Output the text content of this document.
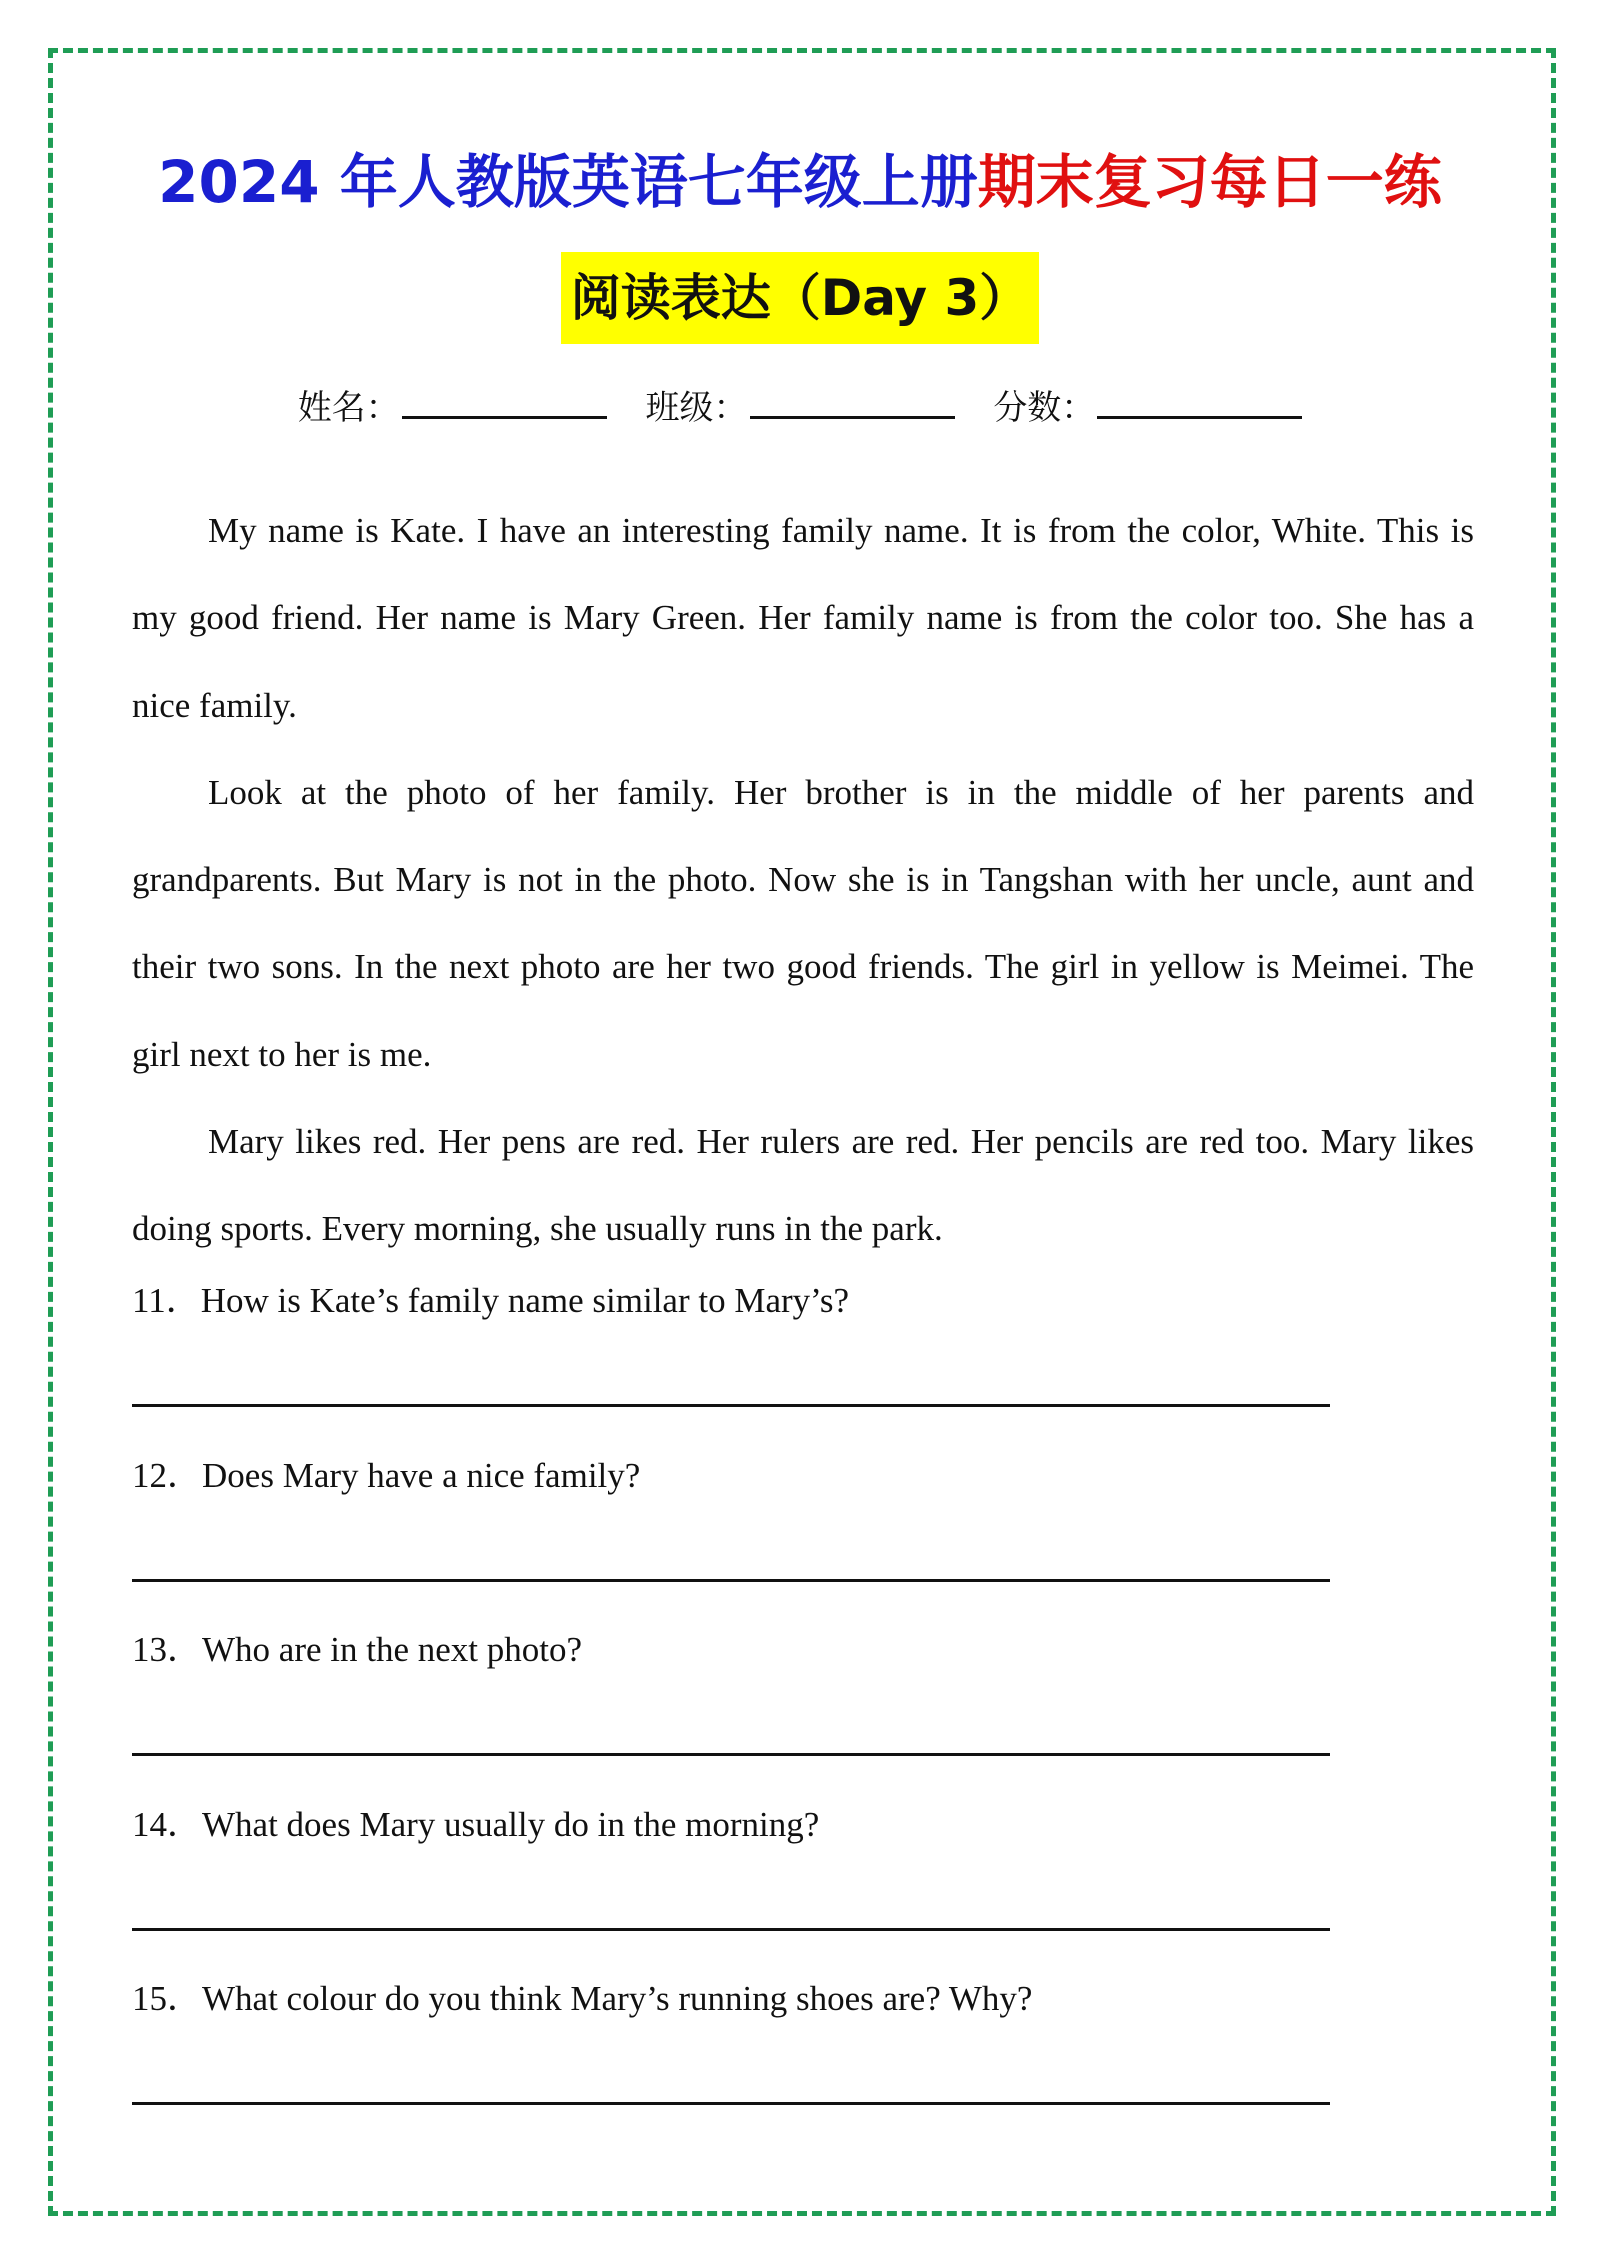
2024 年人教版英语七年级上册期末复习每日一练
阅读表达（Day 3）
姓名：	班级：	分数：

My name is Kate. I have an interesting family name. It is from the color, White. This is my good friend. Her name is Mary Green. Her family name is from the color too. She has a nice family.

Look at the photo of her family. Her brother is in the middle of her parents and grandparents. But Mary is not in the photo. Now she is in Tangshan with her uncle, aunt and their two sons. In the next photo are her two good friends. The girl in yellow is Meimei. The girl next to her is me.

Mary likes red. Her pens are red. Her rulers are red. Her pencils are red too. Mary likes doing sports. Every morning, she usually runs in the park.

11．How is Kate’s family name similar to Mary’s?
12．Does Mary have a nice family?
13．Who are in the next photo?
14．What does Mary usually do in the morning?
15．What colour do you think Mary’s running shoes are? Why?
